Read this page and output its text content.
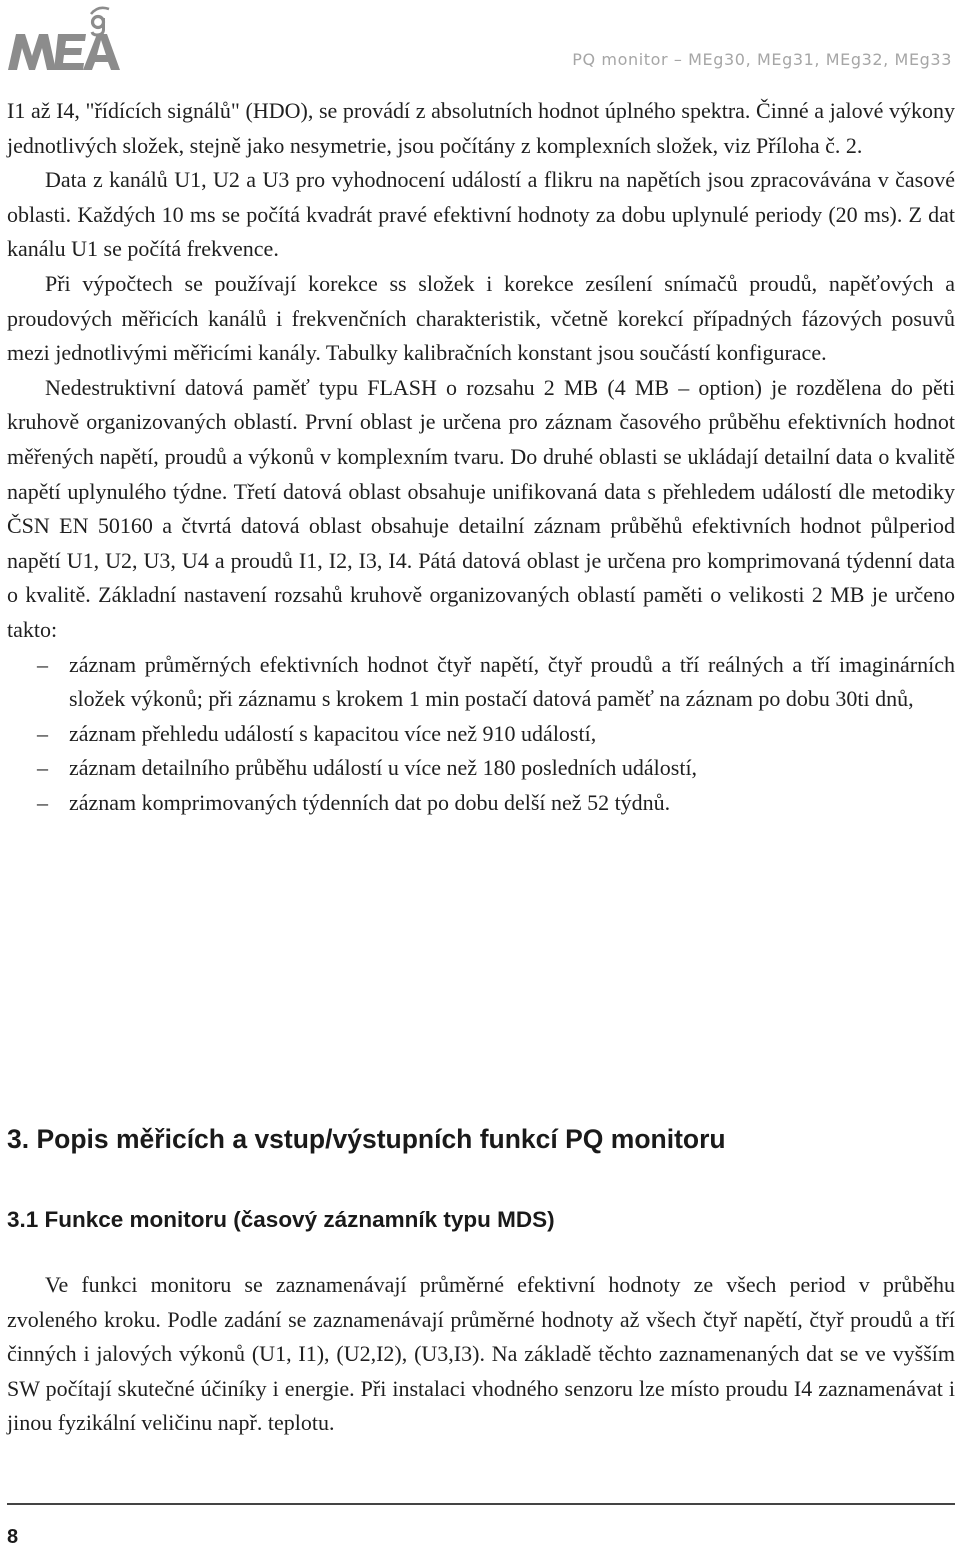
PQ monitor – MEg30, MEg31, MEg32, MEg33

I1 až I4, "řídících signálů" (HDO), se provádí z absolutních hodnot úplného spektra. Činné a jalové výkony jednotlivých složek, stejně jako nesymetrie, jsou počítány z komplexních složek, viz Příloha č. 2.

Data z kanálů U1, U2 a U3 pro vyhodnocení událostí a flikru na napětích jsou zpracovávána v časové oblasti. Každých 10 ms se počítá kvadrát pravé efektivní hodnoty za dobu uplynulé periody (20 ms). Z dat kanálu U1 se počítá frekvence.

Při výpočtech se používají korekce ss složek i korekce zesílení snímačů proudů, napěťových a proudových měřicích kanálů i frekvenčních charakteristik, včetně korekcí případných fázových posuvů mezi jednotlivými měřicími kanály. Tabulky kalibračních konstant jsou součástí konfigurace.

Nedestruktivní datová paměť typu FLASH o rozsahu 2 MB (4 MB – option) je rozdělena do pěti kruhově organizovaných oblastí. První oblast je určena pro záznam časového průběhu efektivních hodnot měřených napětí, proudů a výkonů v komplexním tvaru. Do druhé oblasti se ukládají detailní data o kvalitě napětí uplynulého týdne. Třetí datová oblast obsahuje unifikovaná data s přehledem událostí dle metodiky ČSN EN 50160 a čtvrtá datová oblast obsahuje detailní záznam průběhů efektivních hodnot půlperiod napětí U1, U2, U3, U4 a proudů I1, I2, I3, I4. Pátá datová oblast je určena pro komprimovaná týdenní data o kvalitě. Základní nastavení rozsahů kruhově organizovaných oblastí paměti o velikosti 2 MB je určeno takto:

– záznam průměrných efektivních hodnot čtyř napětí, čtyř proudů a tří reálných a tří imaginárních složek výkonů; při záznamu s krokem 1 min postačí datová paměť na záznam po dobu 30ti dnů,
– záznam přehledu událostí s kapacitou více než 910 událostí,
– záznam detailního průběhu událostí u více než 180 posledních událostí,
– záznam komprimovaných týdenních dat po dobu delší než 52 týdnů.
3. Popis měřicích a vstup/výstupních funkcí PQ monitoru
3.1 Funkce monitoru (časový záznamník typu MDS)

Ve funkci monitoru se zaznamenávají průměrné efektivní hodnoty ze všech period v průběhu zvoleného kroku. Podle zadání se zaznamenávají průměrné hodnoty až všech čtyř napětí, čtyř proudů a tří činných i jalových výkonů (U1, I1), (U2,I2), (U3,I3). Na základě těchto zaznamenaných dat se ve vyšším SW počítají skutečné účiníky i energie. Při instalaci vhodného senzoru lze místo proudu I4 zaznamenávat i jinou fyzikální veličinu např. teplotu.

8
